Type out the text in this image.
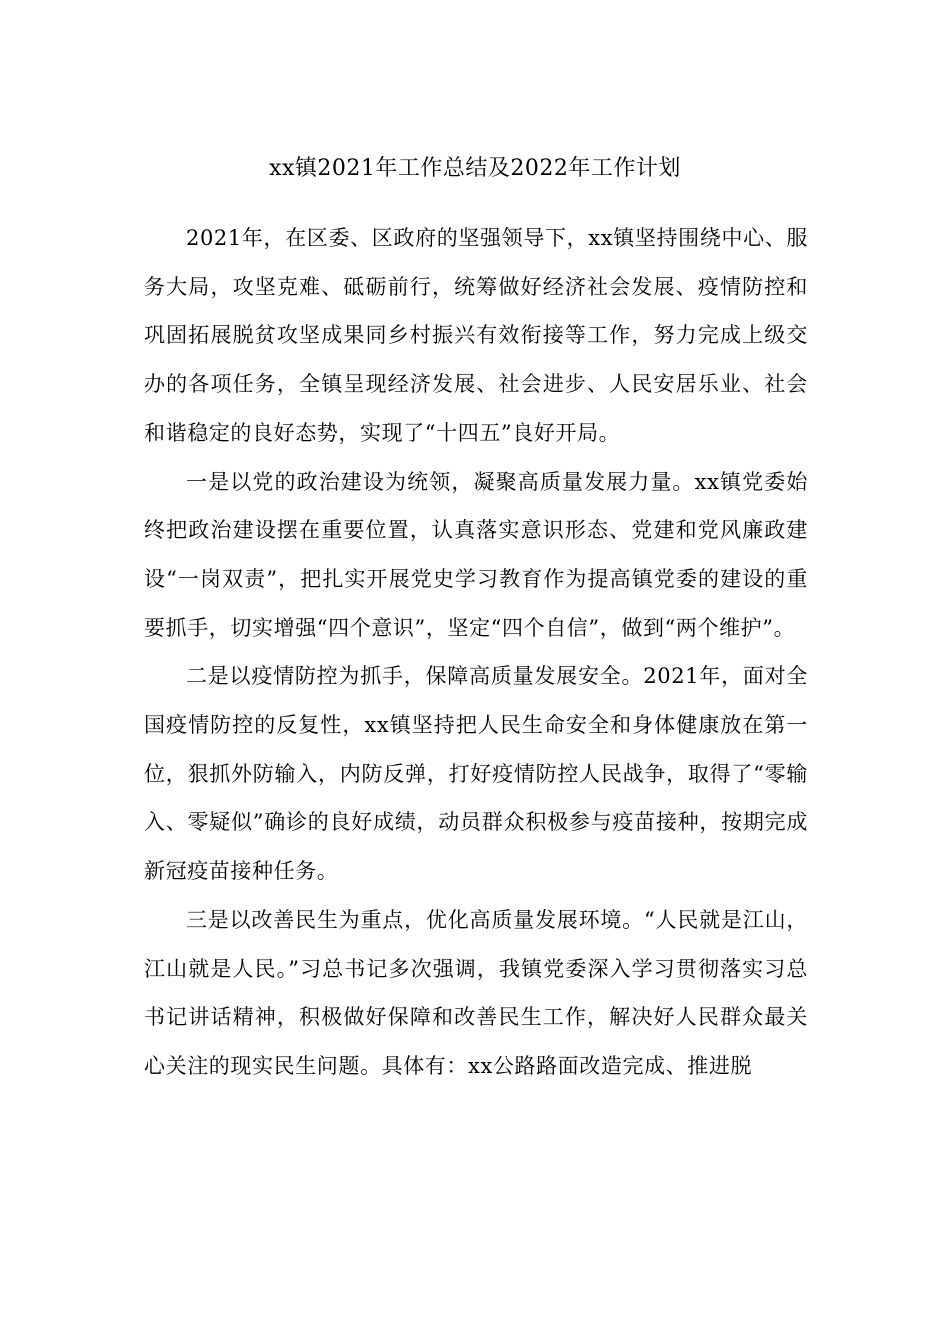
xx镇2021年工作总结及2022年工作计划

2021年，在区委、区政府的坚强领导下，xx镇坚持围绕中心、服务大局，攻坚克难、砥砺前行，统筹做好经济社会发展、疫情防控和巩固拓展脱贫攻坚成果同乡村振兴有效衔接等工作，努力完成上级交办的各项任务，全镇呈现经济发展、社会进步、人民安居乐业、社会和谐稳定的良好态势，实现了“十四五”良好开局。

一是以党的政治建设为统领，凝聚高质量发展力量。xx镇党委始终把政治建设摆在重要位置，认真落实意识形态、党建和党风廉政建设“一岗双责”，把扎实开展党史学习教育作为提高镇党委的建设的重要抓手，切实增强“四个意识”，坚定“四个自信”，做到“两个维护”。

二是以疫情防控为抓手，保障高质量发展安全。2021年，面对全国疫情防控的反复性，xx镇坚持把人民生命安全和身体健康放在第一位，狠抓外防输入，内防反弹，打好疫情防控人民战争，取得了“零输入、零疑似”确诊的良好成绩，动员群众积极参与疫苗接种，按期完成新冠疫苗接种任务。

三是以改善民生为重点，优化高质量发展环境。“人民就是江山，江山就是人民。”习总书记多次强调，我镇党委深入学习贯彻落实习总书记讲话精神，积极做好保障和改善民生工作，解决好人民群众最关心关注的现实民生问题。具体有：xx公路路面改造完成、推进脱
